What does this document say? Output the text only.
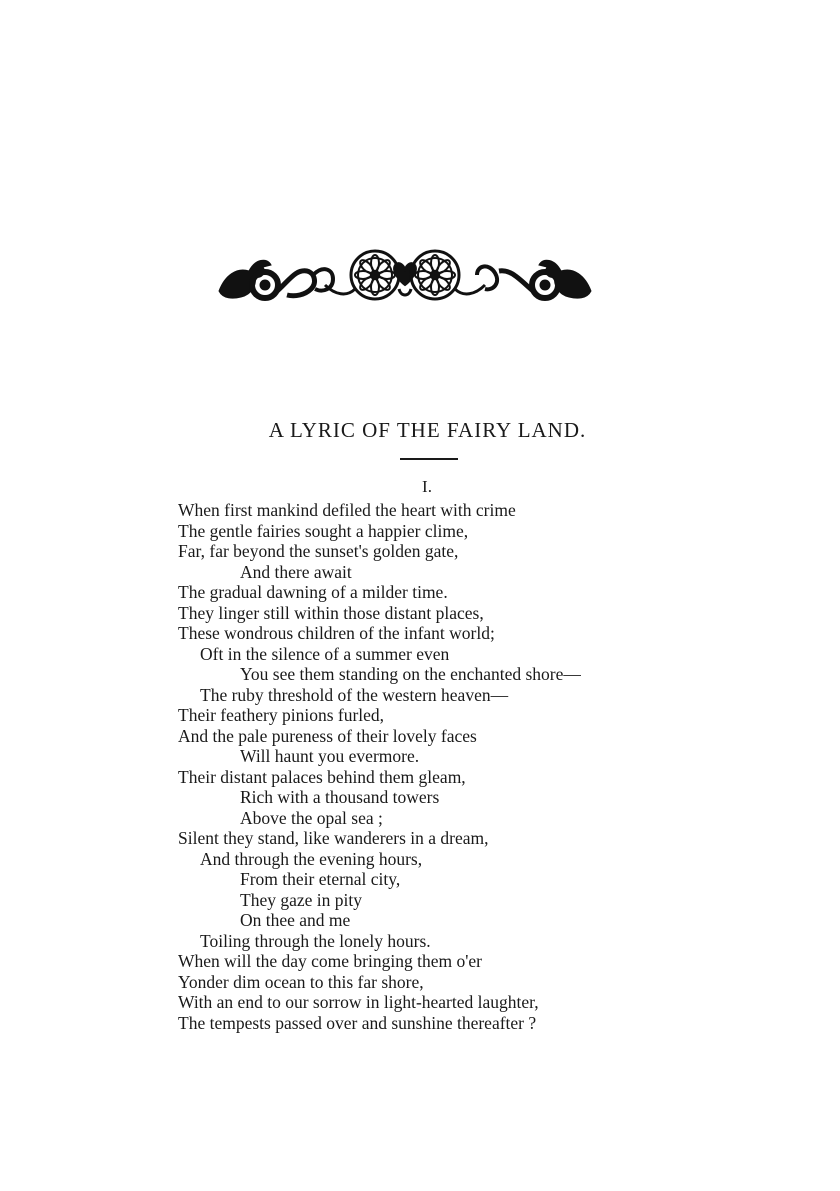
A LYRIC OF THE FAIRY LAND.
I.
When first mankind defiled the heart with crime
The gentle fairies sought a happier clime,
Far, far beyond the sunset's golden gate,
And there await
The gradual dawning of a milder time.
They linger still within those distant places,
These wondrous children of the infant world;
Oft in the silence of a summer even
You see them standing on the enchanted shore—
The ruby threshold of the western heaven—
Their feathery pinions furled,
And the pale pureness of their lovely faces
Will haunt you evermore.
Their distant palaces behind them gleam,
Rich with a thousand towers
Above the opal sea ;
Silent they stand, like wanderers in a dream,
And through the evening hours,
From their eternal city,
They gaze in pity
On thee and me
Toiling through the lonely hours.
When will the day come bringing them o'er
Yonder dim ocean to this far shore,
With an end to our sorrow in light-hearted laughter,
The tempests passed over and sunshine thereafter ?
